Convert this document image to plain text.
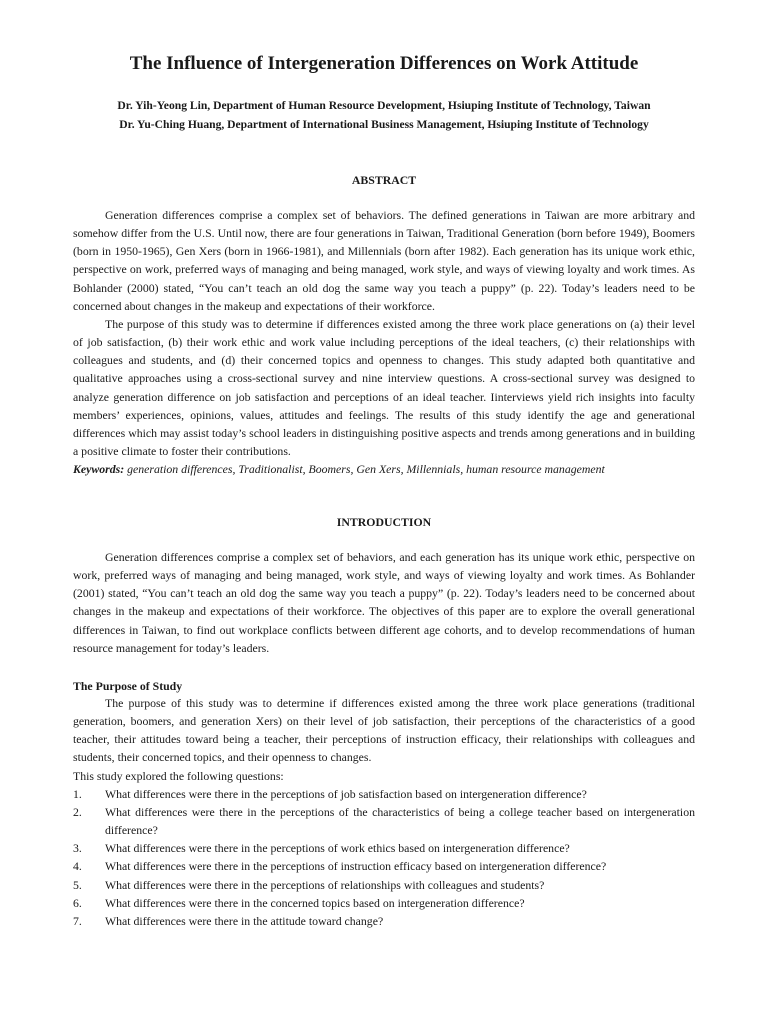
The Influence of Intergeneration Differences on Work Attitude
Dr. Yih-Yeong Lin, Department of Human Resource Development, Hsiuping Institute of Technology, Taiwan
Dr. Yu-Ching Huang, Department of International Business Management, Hsiuping Institute of Technology
ABSTRACT

Generation differences comprise a complex set of behaviors. The defined generations in Taiwan are more arbitrary and somehow differ from the U.S. Until now, there are four generations in Taiwan, Traditional Generation (born before 1949), Boomers (born in 1950-1965), Gen Xers (born in 1966-1981), and Millennials (born after 1982). Each generation has its unique work ethic, perspective on work, preferred ways of managing and being managed, work style, and ways of viewing loyalty and work times. As Bohlander (2000) stated, “You can’t teach an old dog the same way you teach a puppy” (p. 22). Today’s leaders need to be concerned about changes in the makeup and expectations of their workforce.

The purpose of this study was to determine if differences existed among the three work place generations on (a) their level of job satisfaction, (b) their work ethic and work value including perceptions of the ideal teachers, (c) their relationships with colleagues and students, and (d) their concerned topics and openness to changes. This study adapted both quantitative and qualitative approaches using a cross-sectional survey and nine interview questions. A cross-sectional survey was designed to analyze generation difference on job satisfaction and perceptions of an ideal teacher. Iinterviews yield rich insights into faculty members’ experiences, opinions, values, attitudes and feelings. The results of this study identify the age and generational differences which may assist today’s school leaders in distinguishing positive aspects and trends among generations and in building a positive climate to foster their contributions.

Keywords: generation differences, Traditionalist, Boomers, Gen Xers, Millennials, human resource management

INTRODUCTION

Generation differences comprise a complex set of behaviors, and each generation has its unique work ethic, perspective on work, preferred ways of managing and being managed, work style, and ways of viewing loyalty and work times. As Bohlander (2001) stated, “You can’t teach an old dog the same way you teach a puppy” (p. 22). Today’s leaders need to be concerned about changes in the makeup and expectations of their workforce. The objectives of this paper are to explore the overall generational differences in Taiwan, to find out workplace conflicts between different age cohorts, and to develop recommendations of human resource management for today’s leaders.

The Purpose of Study

The purpose of this study was to determine if differences existed among the three work place generations (traditional generation, boomers, and generation Xers) on their level of job satisfaction, their perceptions of the characteristics of a good teacher, their attitudes toward being a teacher, their perceptions of instruction efficacy, their relationships with colleagues and students, their concerned topics, and their openness to changes.

This study explored the following questions:

1. What differences were there in the perceptions of job satisfaction based on intergeneration difference?
2. What differences were there in the perceptions of the characteristics of being a college teacher based on intergeneration difference?
3. What differences were there in the perceptions of work ethics based on intergeneration difference?
4. What differences were there in the perceptions of instruction efficacy based on intergeneration difference?
5. What differences were there in the perceptions of relationships with colleagues and students?
6. What differences were there in the concerned topics based on intergeneration difference?
7. What differences were there in the attitude toward change?
